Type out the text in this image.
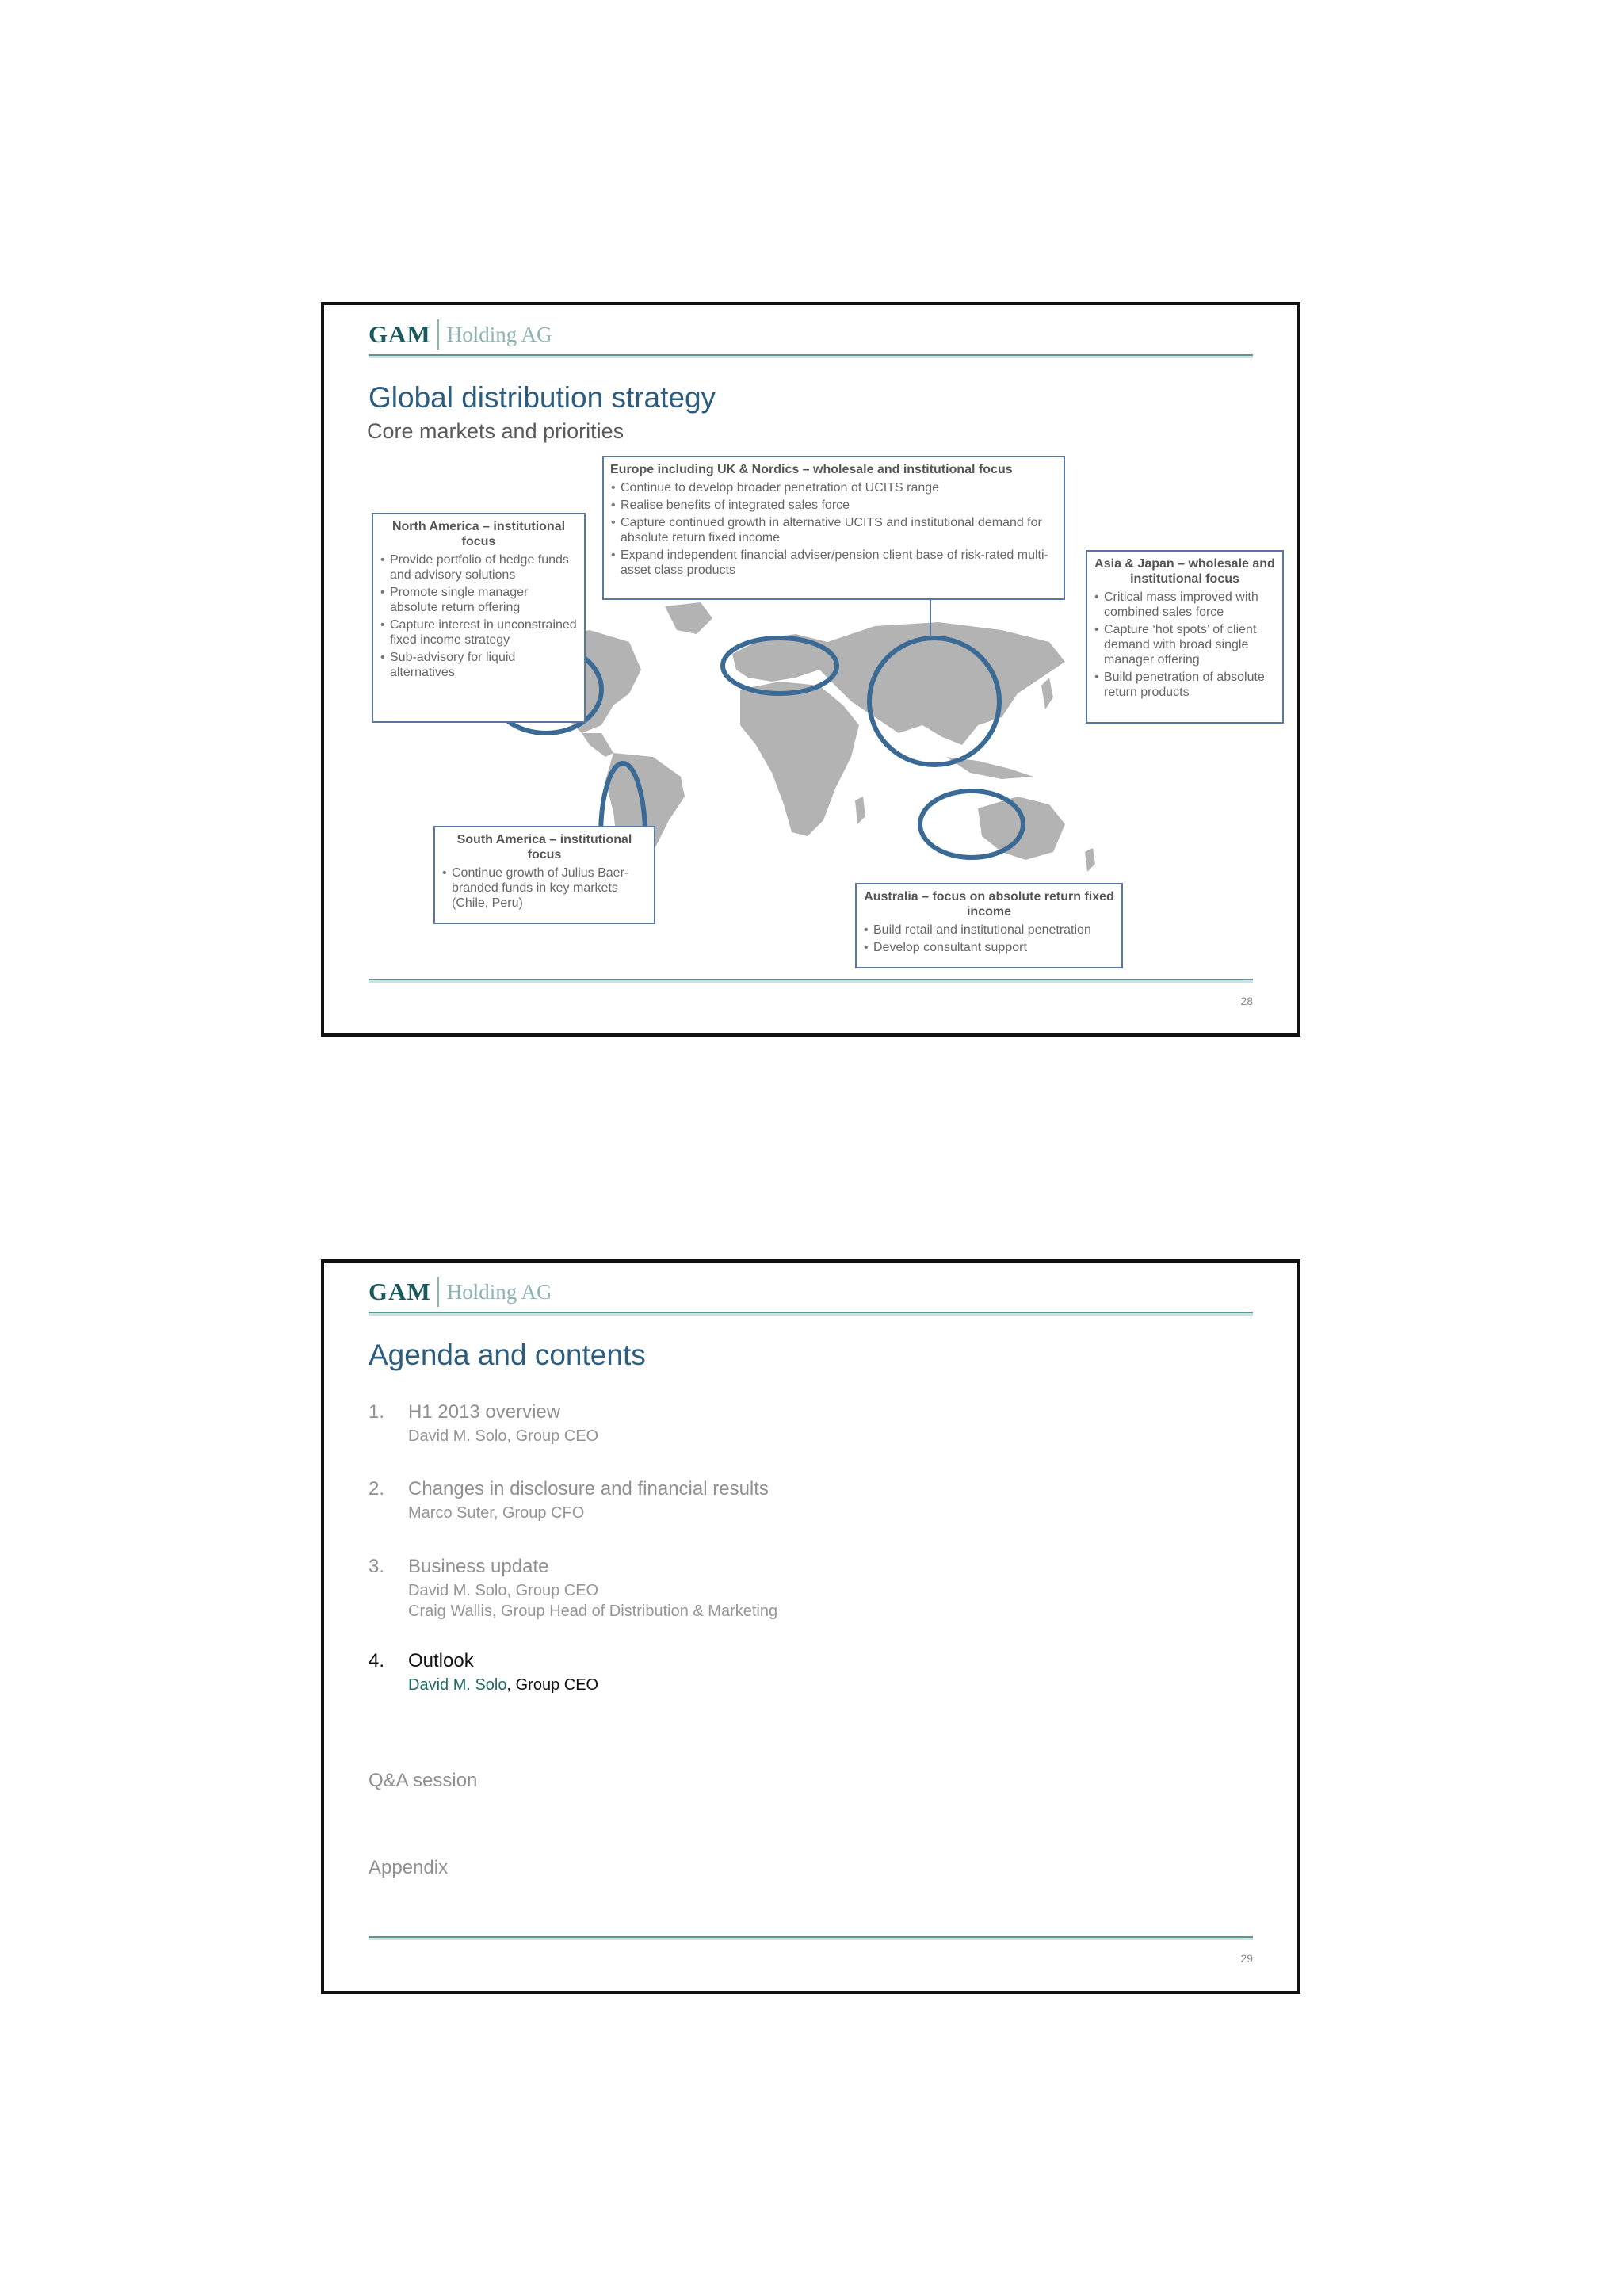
GAM Holding AG
Global distribution strategy
Core markets and priorities
Europe including UK & Nordics – wholesale and institutional focus
• Continue to develop broader penetration of UCITS range
• Realise benefits of integrated sales force
• Capture continued growth in alternative UCITS and institutional demand for absolute return fixed income
• Expand independent financial adviser/pension client base of risk-rated multi-asset class products
North America – institutional focus
• Provide portfolio of hedge funds and advisory solutions
• Promote single manager absolute return offering
• Capture interest in unconstrained fixed income strategy
• Sub-advisory for liquid alternatives
Asia & Japan – wholesale and institutional focus
• Critical mass improved with combined sales force
• Capture ‘hot spots’ of client demand with broad single manager offering
• Build penetration of absolute return products
South America – institutional focus
• Continue growth of Julius Baer-branded funds in key markets (Chile, Peru)	Australia – focus on absolute return fixed income
• Build retail and institutional penetration
• Develop consultant support
28
GAM Holding AG
Agenda and contents
1. H1 2013 overview
David M. Solo, Group CEO
2. Changes in disclosure and financial results
Marco Suter, Group CFO
3. Business update
David M. Solo, Group CEO
Craig Wallis, Group Head of Distribution & Marketing
4. Outlook
David M. Solo, Group CEO
Q&A session
Appendix
29
